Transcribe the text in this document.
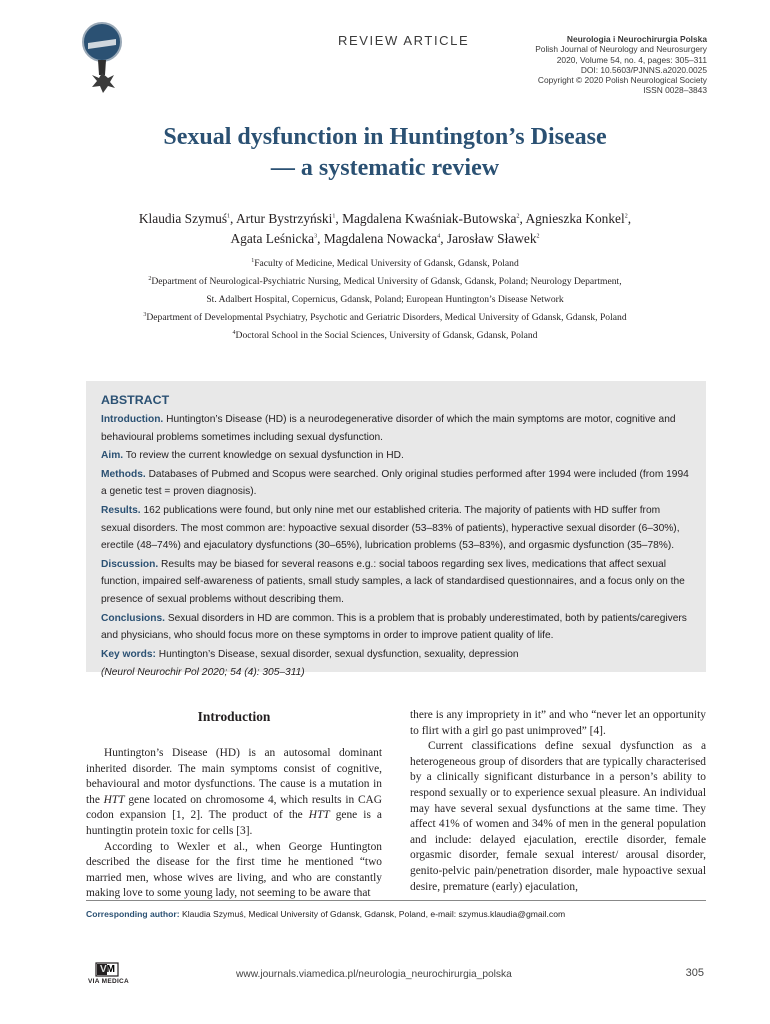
REVIEW ARTICLE	Neurologia i Neurochirurgia Polska
Polish Journal of Neurology and Neurosurgery
2020, Volume 54, no. 4, pages: 305–311
DOI: 10.5603/PJNNS.a2020.0025
Copyright © 2020 Polish Neurological Society
ISSN 0028–3843
Sexual dysfunction in Huntington’s Disease
— a systematic review
Klaudia Szymuś$^1$, Artur Bystrzyński$^1$, Magdalena Kwaśniak-Butowska$^2$, Agnieszka Konkel$^2$,
Agata Leśnicka$^3$, Magdalena Nowacka$^4$, Jarosław Sławek$^2$
$^1$Faculty of Medicine, Medical University of Gdansk, Gdansk, Poland
$^2$Department of Neurological-Psychiatric Nursing, Medical University of Gdansk, Gdansk, Poland; Neurology Department,
St. Adalbert Hospital, Copernicus, Gdansk, Poland; European Huntington’s Disease Network
$^3$Department of Developmental Psychiatry, Psychotic and Geriatric Disorders, Medical University of Gdansk, Gdansk, Poland
$^4$Doctoral School in the Social Sciences, University of Gdansk, Gdansk, Poland
ABSTRACT

Introduction. Huntington’s Disease (HD) is a neurodegenerative disorder of which the main symptoms are motor, cognitive and behavioural problems sometimes including sexual dysfunction.

Aim. To review the current knowledge on sexual dysfunction in HD.

Methods. Databases of Pubmed and Scopus were searched. Only original studies performed after 1994 were included (from 1994 a genetic test = proven diagnosis).

Results. 162 publications were found, but only nine met our established criteria. The majority of patients with HD suffer from sexual disorders. The most common are: hypoactive sexual disorder (53–83% of patients), hyperactive sexual disorder (6–30%), erectile (48–74%) and ejaculatory dysfunctions (30–65%), lubrication problems (53–83%), and orgasmic dysfunction (35–78%).

Discussion. Results may be biased for several reasons e.g.: social taboos regarding sex lives, medications that affect sexual function, impaired self-awareness of patients, small study samples, a lack of standardised questionnaires, and a focus only on the presence of sexual problems without describing them.

Conclusions. Sexual disorders in HD are common. This is a problem that is probably underestimated, both by patients/caregivers and physicians, who should focus more on these symptoms in order to improve patient quality of life.

Key words: Huntington’s Disease, sexual disorder, sexual dysfunction, sexuality, depression

(Neurol Neurochir Pol 2020; 54 (4): 305–311)

Introduction

Huntington’s Disease (HD) is an autosomal dominant inherited disorder. The main symptoms consist of cognitive, behavioural and motor dysfunctions. The cause is a mutation in the HTT gene located on chromosome 4, which results in CAG codon expansion [1, 2]. The product of the HTT gene is a huntingtin protein toxic for cells [3].

According to Wexler et al., when George Huntington described the disease for the first time he mentioned “two married men, whose wives are living, and who are constantly making love to some young lady, not seeming to be aware that

there is any impropriety in it” and who “never let an opportunity to flirt with a girl go past unimproved” [4].

Current classifications define sexual dysfunction as a heterogeneous group of disorders that are typically characterised by a clinically significant disturbance in a person’s ability to respond sexually or to experience sexual pleasure. An individual may have several sexual dysfunctions at the same time. They affect 41% of women and 34% of men in the general population and include: delayed ejaculation, erectile disorder, female orgasmic disorder, female sexual interest/ arousal disorder, genito-pelvic pain/penetration disorder, male hypoactive sexual desire, premature (early) ejaculation,

Corresponding author: Klaudia Szymuś, Medical University of Gdansk, Gdansk, Poland, e-mail: szymus.klaudia@gmail.com
VM
VIA MEDICA
www.journals.viamedica.pl/neurologia_neurochirurgia_polska	305
